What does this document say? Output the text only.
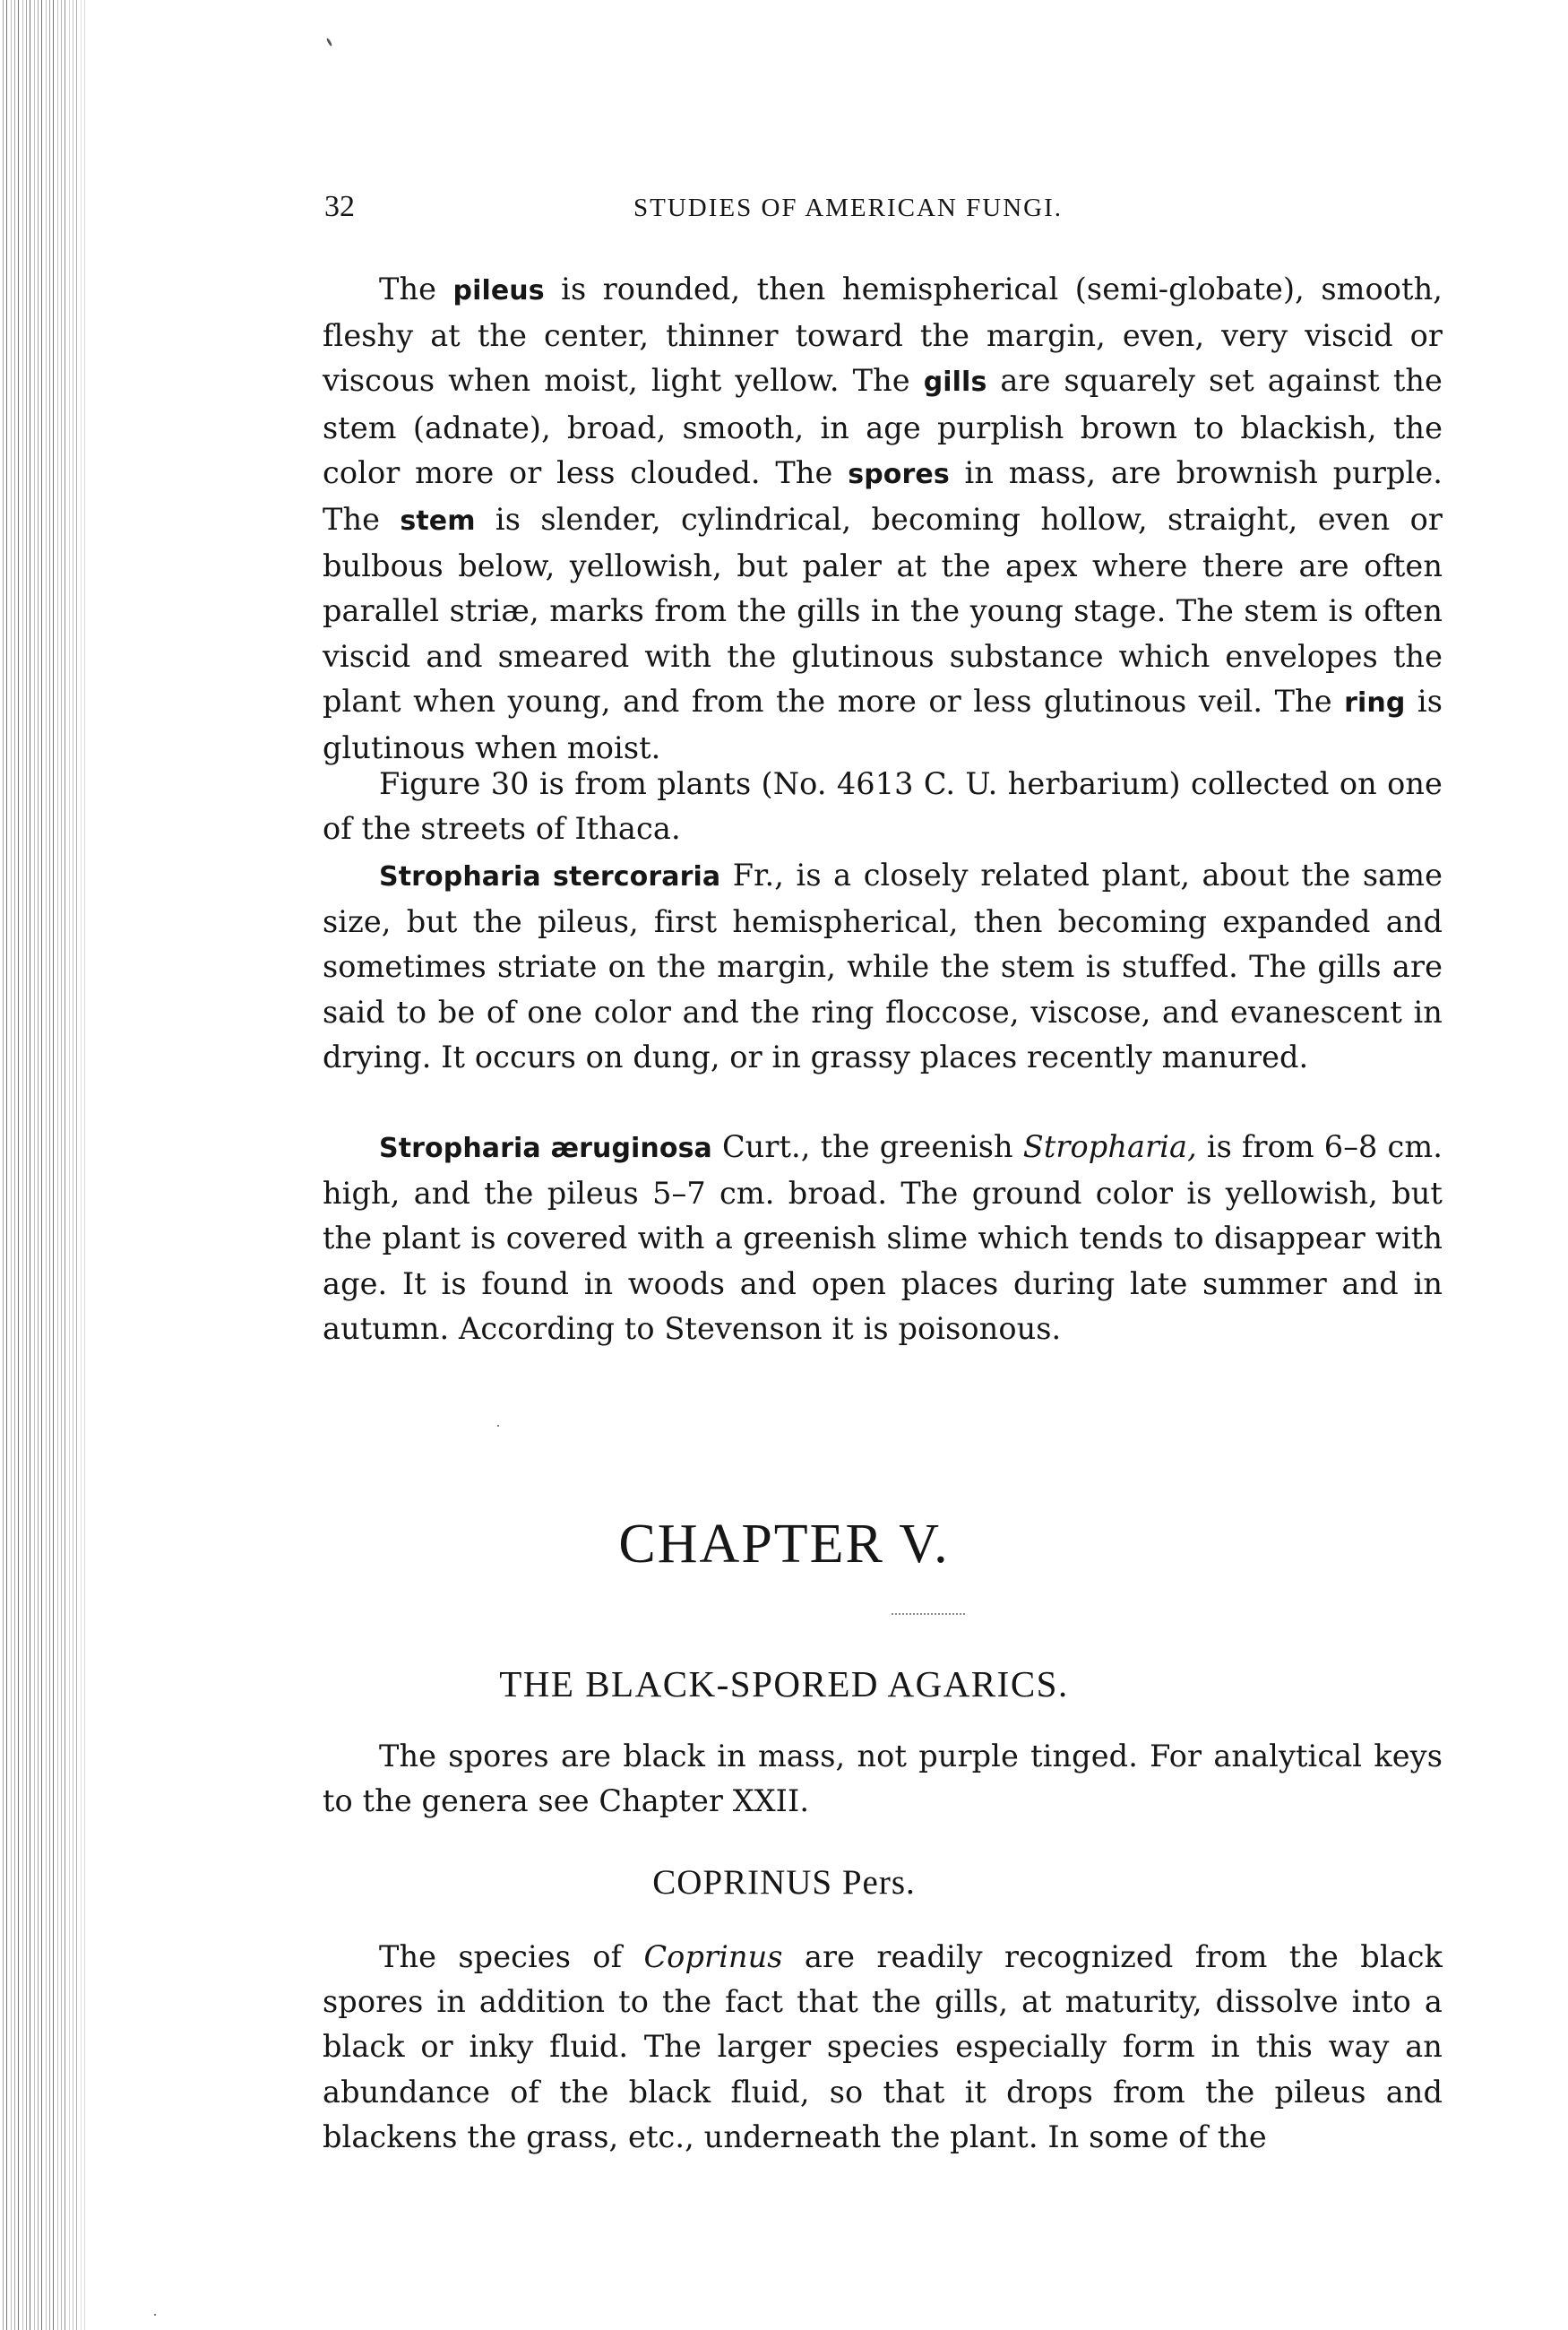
32	STUDIES OF AMERICAN FUNGI.

The pileus is rounded, then hemispherical (semi-globate), smooth, fleshy at the center, thinner toward the margin, even, very viscid or viscous when moist, light yellow. The gills are squarely set against the stem (adnate), broad, smooth, in age purplish brown to blackish, the color more or less clouded. The spores in mass, are brownish purple. The stem is slender, cylindrical, becoming hollow, straight, even or bulbous below, yellowish, but paler at the apex where there are often parallel striæ, marks from the gills in the young stage. The stem is often viscid and smeared with the glutinous substance which envelopes the plant when young, and from the more or less glutinous veil. The ring is glutinous when moist.

Figure 30 is from plants (No. 4613 C. U. herbarium) collected on one of the streets of Ithaca.

Stropharia stercoraria Fr., is a closely related plant, about the same size, but the pileus, first hemispherical, then becoming expanded and sometimes striate on the margin, while the stem is stuffed. The gills are said to be of one color and the ring floccose, viscose, and evanescent in drying. It occurs on dung, or in grassy places recently manured.

Stropharia æruginosa Curt., the greenish Stropharia, is from 6–8 cm. high, and the pileus 5–7 cm. broad. The ground color is yellowish, but the plant is covered with a greenish slime which tends to disappear with age. It is found in woods and open places during late summer and in autumn. According to Stevenson it is poisonous.

CHAPTER V.
THE BLACK-SPORED AGARICS.

The spores are black in mass, not purple tinged. For analytical keys to the genera see Chapter XXII.

COPRINUS Pers.

The species of Coprinus are readily recognized from the black spores in addition to the fact that the gills, at maturity, dissolve into a black or inky fluid. The larger species especially form in this way an abundance of the black fluid, so that it drops from the pileus and blackens the grass, etc., underneath the plant. In some of the
